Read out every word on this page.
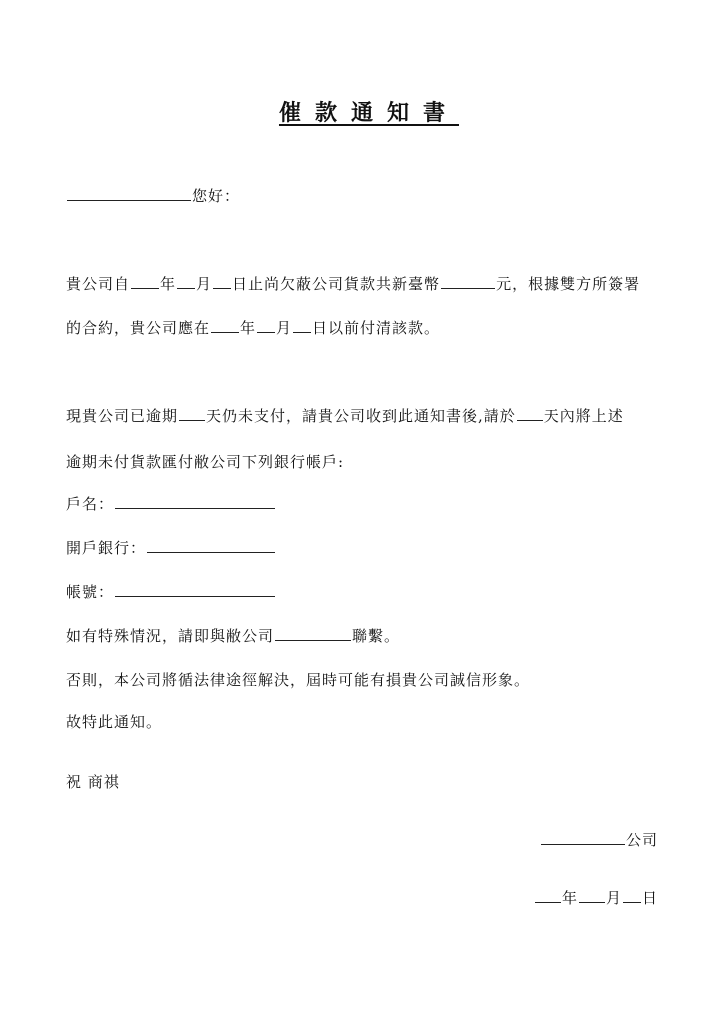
催款通知書
您好：
貴公司自 年 月 日止尚欠蔽公司貨款共新臺幣	元，根據雙方所簽署
的合約，貴公司應在 年 月 日以前付清該款。
現貴公司已逾期 天仍未支付，請貴公司收到此通知書後,請於 天內將上述
逾期未付貨款匯付敝公司下列銀行帳戶:
戶名：
開戶銀行：
帳號：
如有特殊情況，請即與敝公司	聯繫。
否則，本公司將循法律途徑解決，屆時可能有損貴公司誠信形象。
故特此通知。
祝 商祺
公司
年 月 日
